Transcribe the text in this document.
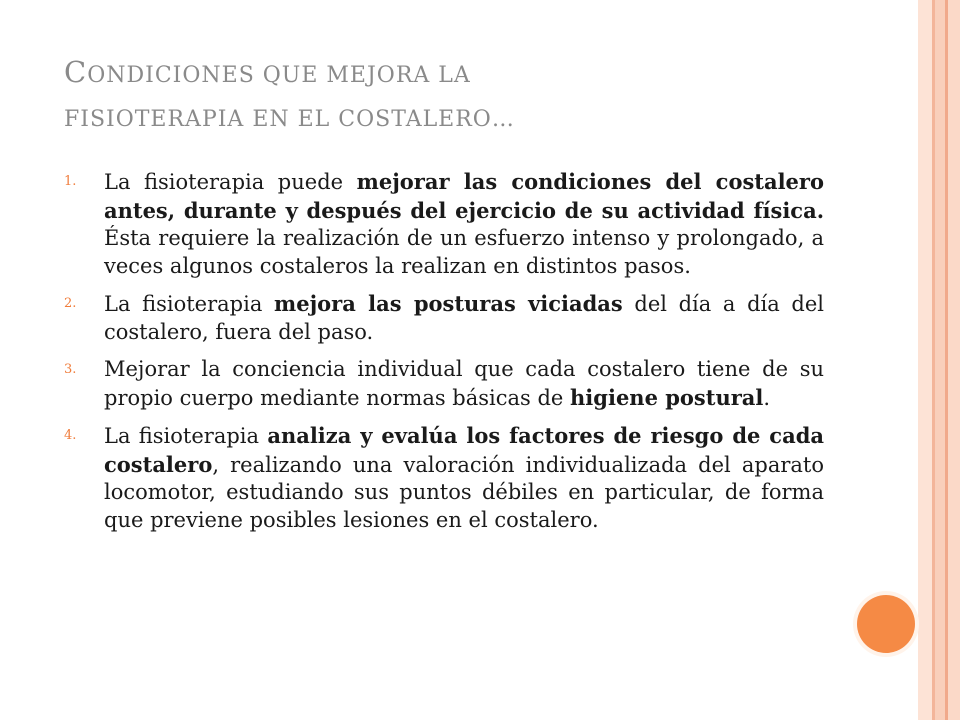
CONDICIONES QUE MEJORA LA
FISIOTERAPIA EN EL COSTALERO…
1. La fisioterapia puede mejorar las condiciones del costalero antes, durante y después del ejercicio de su actividad física. Ésta requiere la realización de un esfuerzo intenso y prolongado, a veces algunos costaleros la realizan en distintos pasos.
2. La fisioterapia mejora las posturas viciadas del día a día del costalero, fuera del paso.
3. Mejorar la conciencia individual que cada costalero tiene de su propio cuerpo mediante normas básicas de higiene postural.
4. La fisioterapia analiza y evalúa los factores de riesgo de cada costalero, realizando una valoración individualizada del aparato locomotor, estudiando sus puntos débiles en particular, de forma que previene posibles lesiones en el costalero.
